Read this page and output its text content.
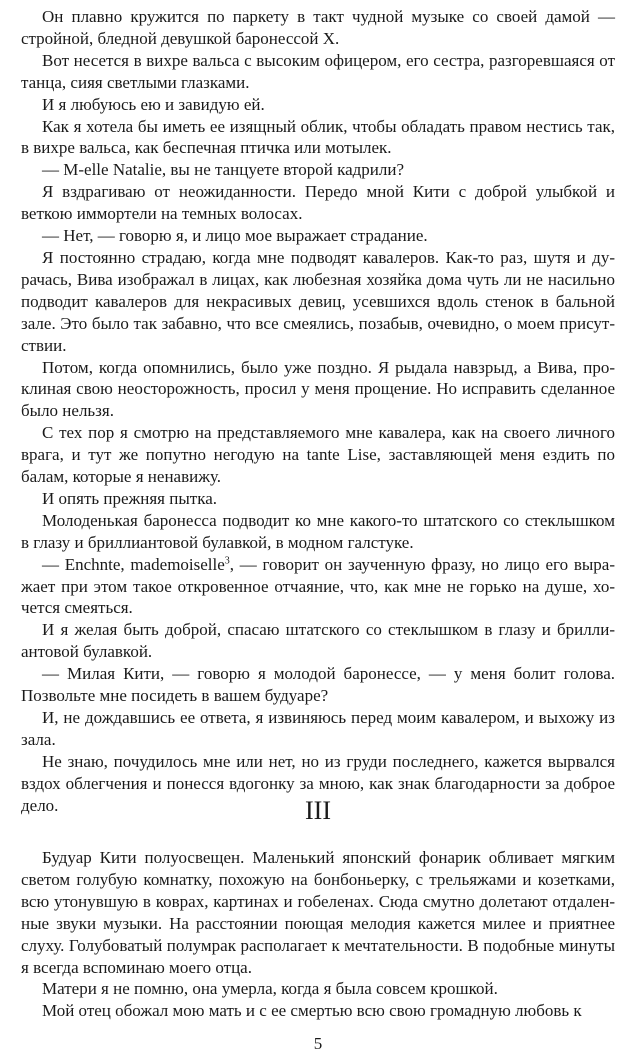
Он плавно кружится по паркету в такт чудной музыке со своей дамой — стройной, бледной девушкой баронессой Х.

Вот несется в вихре вальса с высоким офицером, его сестра, разгоревшаяся от танца, сияя светлыми глазками.

И я любуюсь ею и завидую ей.

Как я хотела бы иметь ее изящный облик, чтобы обладать правом нестись так, в вихре вальса, как беспечная птичка или мотылек.

— M-elle Natalie, вы не танцуете второй кадрили?

Я вздрагиваю от неожиданности. Передо мной Кити с доброй улыбкой и веткою иммортели на темных волосах.

— Нет, — говорю я, и лицо мое выражает страдание.

Я постоянно страдаю, когда мне подводят кавалеров. Как-то раз, шутя и дурачась, Вива изображал в лицах, как любезная хозяйка дома чуть ли не насильно подводит кавалеров для некрасивых девиц, усевшихся вдоль стенок в бальной зале. Это было так забавно, что все смеялись, позабыв, очевидно, о моем присутствии.

Потом, когда опомнились, было уже поздно. Я рыдала навзрыд, а Вива, проклиная свою неосторожность, просил у меня прощение. Но исправить сделанное было нельзя.

С тех пор я смотрю на представляемого мне кавалера, как на своего личного врага, и тут же попутно негодую на tante Lise, заставляющей меня ездить по балам, которые я ненавижу.

И опять прежняя пытка.

Молоденькая баронесса подводит ко мне какого-то штатского со стеклышком в глазу и бриллиантовой булавкой, в модном галстуке.

— Enchnte, mademoiselle$^3$, — говорит он заученную фразу, но лицо его выражает при этом такое откровенное отчаяние, что, как мне не горько на душе, хочется смеяться.

И я желая быть доброй, спасаю штатского со стеклышком в глазу и бриллиантовой булавкой.

— Милая Кити, — говорю я молодой баронессе, — у меня болит голова. Позвольте мне посидеть в вашем будуаре?

И, не дождавшись ее ответа, я извиняюсь перед моим кавалером, и выхожу из зала.

Не знаю, почудилось мне или нет, но из груди последнего, кажется вырвался вздох облегчения и понесся вдогонку за мною, как знак благодарности за доброе дело.	III

Будуар Кити полуосвещен. Маленький японский фонарик обливает мягким светом голубую комнатку, похожую на бонбоньерку, с трельяжами и козетками, всю утонувшую в коврах, картинах и гобеленах. Сюда смутно долетают отдаленные звуки музыки. На расстоянии поющая мелодия кажется милее и приятнее слуху. Голубоватый полумрак располагает к мечтательности. В подобные минуты я всегда вспоминаю моего отца.

Матери я не помню, она умерла, когда я была совсем крошкой.

Мой отец обожал мою мать и с ее смертью всю свою громадную любовь к

5
